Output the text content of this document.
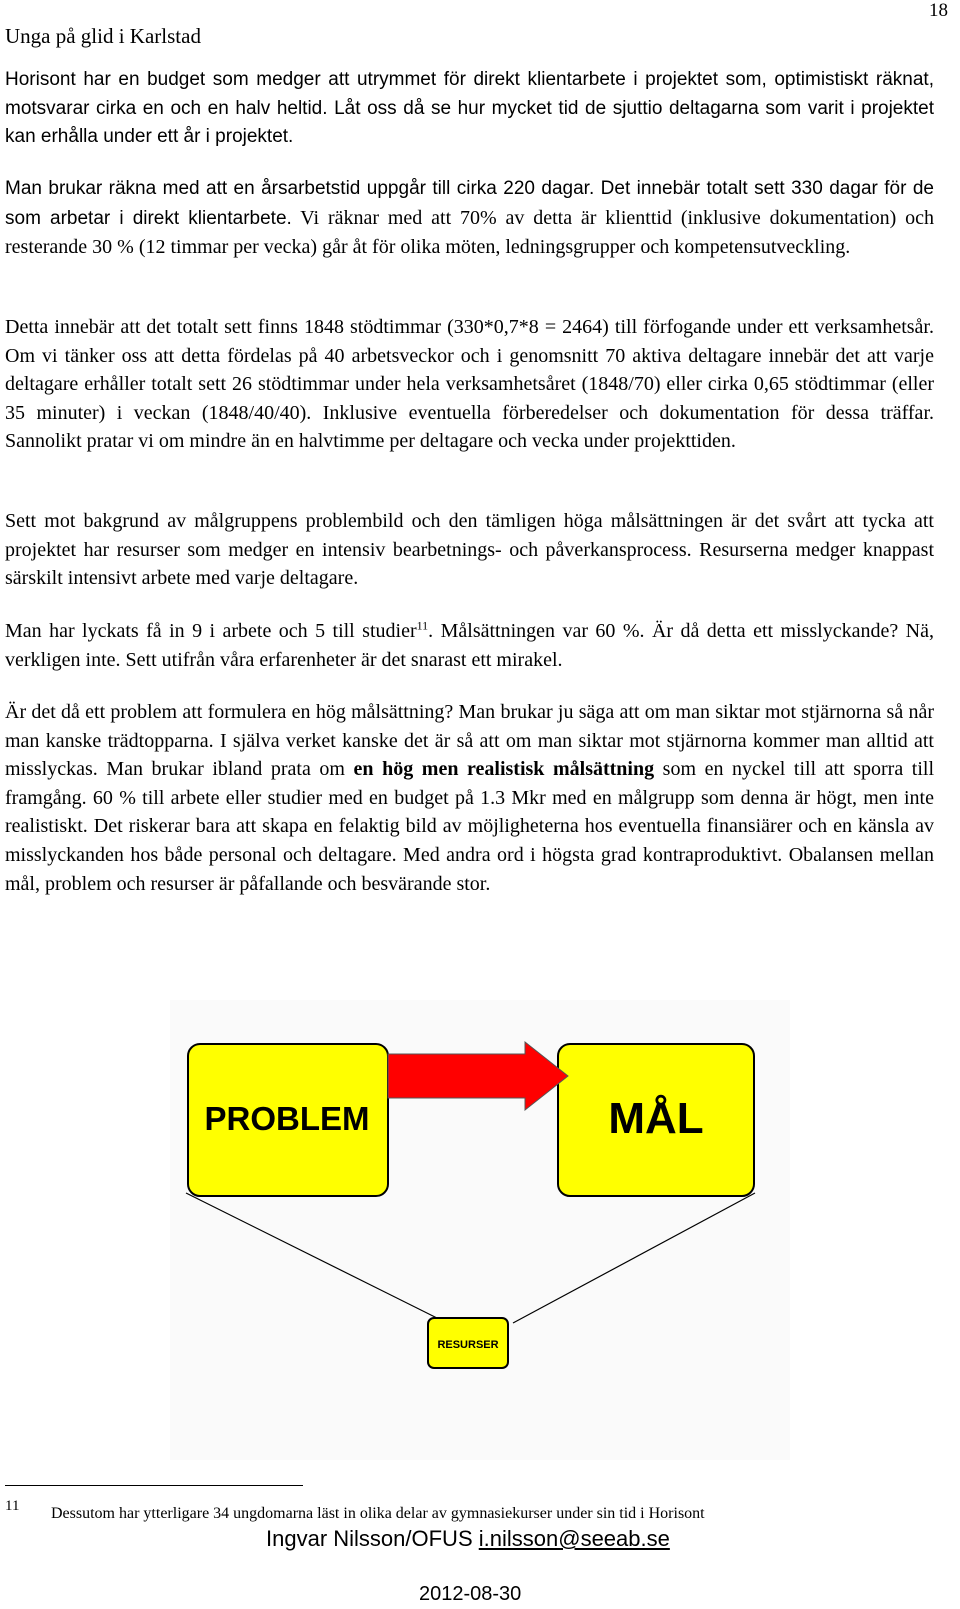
18
Unga på glid i Karlstad

Horisont har en budget som medger att utrymmet för direkt klientarbete i projektet som, optimistiskt räknat, motsvarar cirka en och en halv heltid. Låt oss då se hur mycket tid de sjuttio deltagarna som varit i projektet kan erhålla under ett år i projektet.

Man brukar räkna med att en årsarbetstid uppgår till cirka 220 dagar. Det innebär totalt sett 330 dagar för de som arbetar i direkt klientarbete. Vi räknar med att 70% av detta är klienttid (inklusive dokumentation) och resterande 30 % (12 timmar per vecka) går åt för olika möten, ledningsgrupper och kompetensutveckling.

Detta innebär att det totalt sett finns 1848 stödtimmar (330*0,7*8 = 2464) till förfogande under ett verksamhetsår. Om vi tänker oss att detta fördelas på 40 arbetsveckor och i genomsnitt 70 aktiva deltagare innebär det att varje deltagare erhåller totalt sett 26 stödtimmar under hela verksamhetsåret (1848/70) eller cirka 0,65 stödtimmar (eller 35 minuter) i veckan (1848/40/40). Inklusive eventuella förberedelser och dokumentation för dessa träffar. Sannolikt pratar vi om mindre än en halvtimme per deltagare och vecka under projekttiden.

Sett mot bakgrund av målgruppens problembild och den tämligen höga målsättningen är det svårt att tycka att projektet har resurser som medger en intensiv bearbetnings- och påverkansprocess. Resurserna medger knappast särskilt intensivt arbete med varje deltagare.

Man har lyckats få in 9 i arbete och 5 till studier$^{11}$. Målsättningen var 60 %. Är då detta ett misslyckande? Nä, verkligen inte. Sett utifrån våra erfarenheter är det snarast ett mirakel.

Är det då ett problem att formulera en hög målsättning? Man brukar ju säga att om man siktar mot stjärnorna så når man kanske trädtopparna. I själva verket kanske det är så att om man siktar mot stjärnorna kommer man alltid att misslyckas. Man brukar ibland prata om en hög men realistisk målsättning som en nyckel till att sporra till framgång. 60 % till arbete eller studier med en budget på 1.3 Mkr med en målgrupp som denna är högt, men inte realistiskt. Det riskerar bara att skapa en felaktig bild av möjligheterna hos eventuella finansiärer och en känsla av misslyckanden hos både personal och deltagare. Med andra ord i högsta grad kontraproduktivt. Obalansen mellan mål, problem och resurser är påfallande och besvärande stor.

PROBLEM	MÅL
RESURSER
11 Dessutom har ytterligare 34 ungdomarna läst in olika delar av gymnasiekurser under sin tid i Horisont
Ingvar Nilsson/OFUS i.nilsson@seeab.se
2012-08-30
